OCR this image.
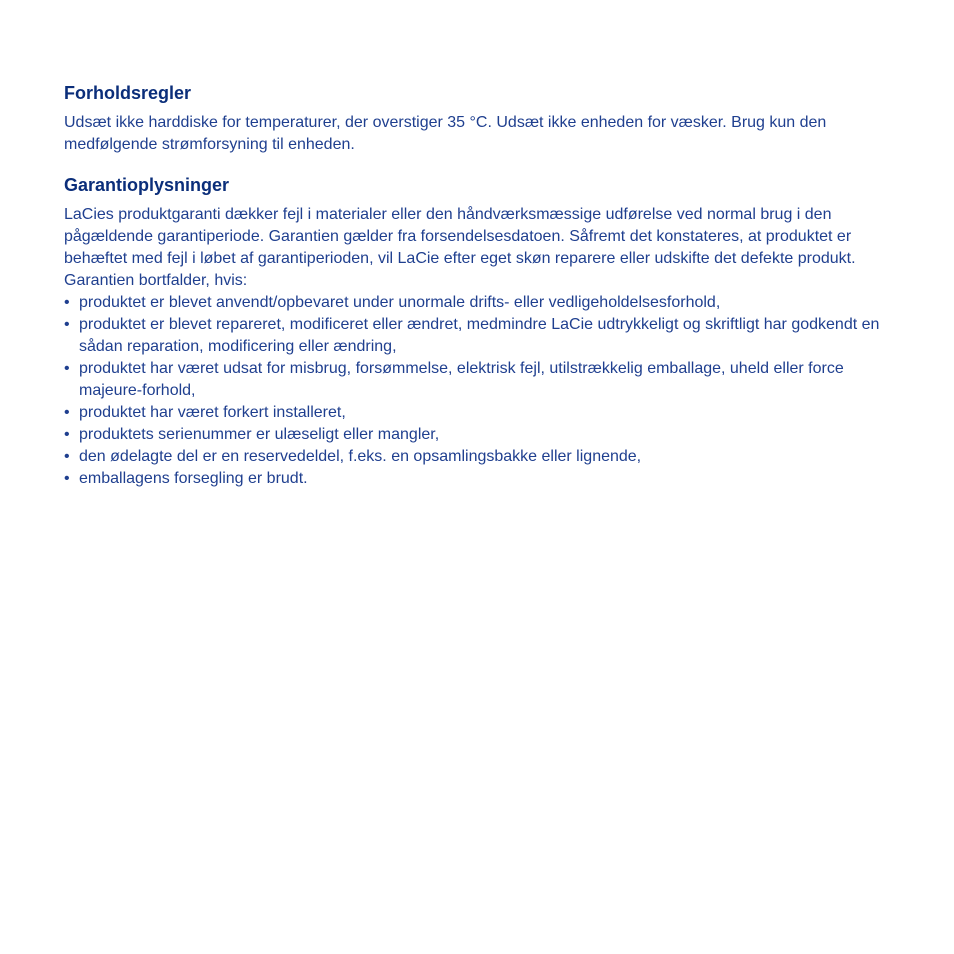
Forholdsregler

Udsæt ikke harddiske for temperaturer, der overstiger 35 °C. Udsæt ikke enheden for væsker. Brug kun den medfølgende strømforsyning til enheden.

Garantioplysninger

LaCies produktgaranti dækker fejl i materialer eller den håndværksmæssige udførelse ved normal brug i den pågældende garantiperiode. Garantien gælder fra forsendelsesdatoen. Såfremt det konstateres, at produktet er behæftet med fejl i løbet af garantiperioden, vil LaCie efter eget skøn reparere eller udskifte det defekte produkt.

Garantien bortfalder, hvis:

• produktet er blevet anvendt/opbevaret under unormale drifts- eller vedligeholdelsesforhold,
• produktet er blevet repareret, modificeret eller ændret, medmindre LaCie udtrykkeligt og skriftligt har godkendt en sådan reparation, modificering eller ændring,
• produktet har været udsat for misbrug, forsømmelse, elektrisk fejl, utilstrækkelig emballage, uheld eller force majeure-forhold,
• produktet har været forkert installeret,
• produktets serienummer er ulæseligt eller mangler,
• den ødelagte del er en reservedeldel, f.eks. en opsamlingsbakke eller lignende,
• emballagens forsegling er brudt.
